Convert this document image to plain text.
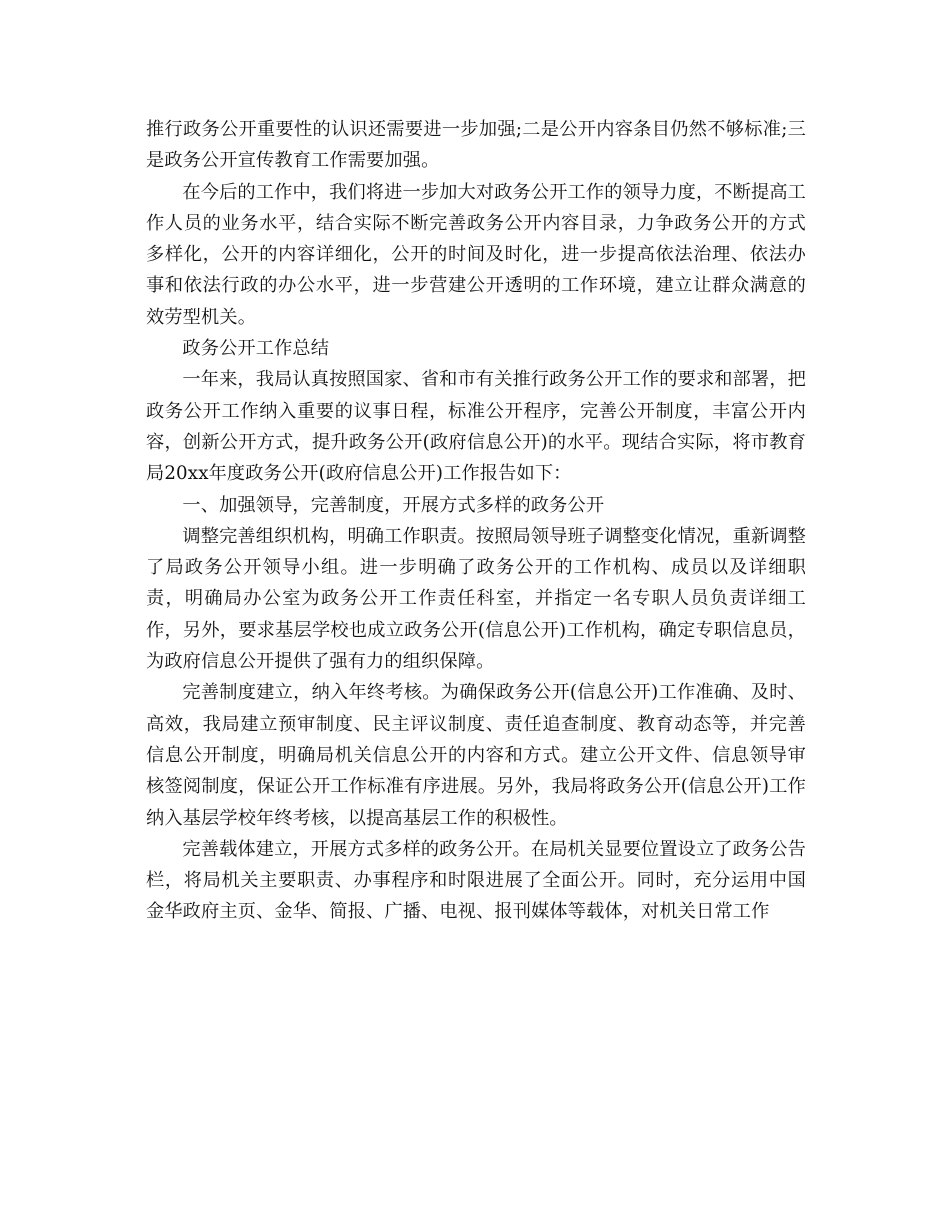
推行政务公开重要性的认识还需要进一步加强;二是公开内容条目仍然不够标准;三是政务公开宣传教育工作需要加强。

在今后的工作中，我们将进一步加大对政务公开工作的领导力度，不断提高工作人员的业务水平，结合实际不断完善政务公开内容目录，力争政务公开的方式多样化，公开的内容详细化，公开的时间及时化，进一步提高依法治理、依法办事和依法行政的办公水平，进一步营建公开透明的工作环境，建立让群众满意的效劳型机关。

政务公开工作总结

一年来，我局认真按照国家、省和市有关推行政务公开工作的要求和部署，把政务公开工作纳入重要的议事日程，标准公开程序，完善公开制度，丰富公开内容，创新公开方式，提升政务公开(政府信息公开)的水平。现结合实际，将市教育局20xx年度政务公开(政府信息公开)工作报告如下：

一、加强领导，完善制度，开展方式多样的政务公开

调整完善组织机构，明确工作职责。按照局领导班子调整变化情况，重新调整了局政务公开领导小组。进一步明确了政务公开的工作机构、成员以及详细职责，明确局办公室为政务公开工作责任科室，并指定一名专职人员负责详细工作，另外，要求基层学校也成立政务公开(信息公开)工作机构，确定专职信息员，为政府信息公开提供了强有力的组织保障。

完善制度建立，纳入年终考核。为确保政务公开(信息公开)工作准确、及时、高效，我局建立预审制度、民主评议制度、责任追查制度、教育动态等，并完善信息公开制度，明确局机关信息公开的内容和方式。建立公开文件、信息领导审核签阅制度，保证公开工作标准有序进展。另外，我局将政务公开(信息公开)工作纳入基层学校年终考核，以提高基层工作的积极性。

完善载体建立，开展方式多样的政务公开。在局机关显要位置设立了政务公告栏，将局机关主要职责、办事程序和时限进展了全面公开。同时，充分运用中国金华政府主页、金华、简报、广播、电视、报刊媒体等载体，对机关日常工作
